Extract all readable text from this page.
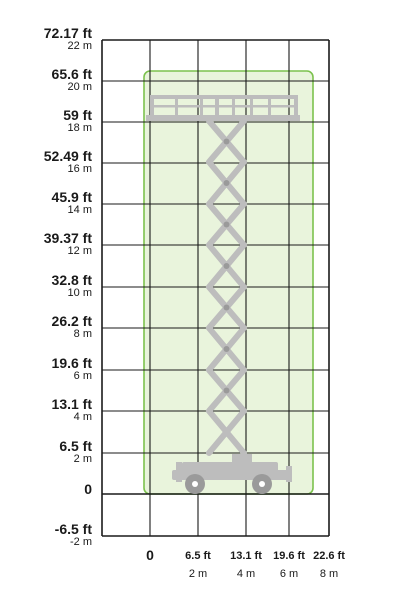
72.17 ft
22 m
65.6 ft
20 m
59 ft
18 m
52.49 ft
16 m
45.9 ft
14 m
39.37 ft
12 m
32.8 ft
10 m
26.2 ft
8 m
19.6 ft
6 m
13.1 ft
4 m
6.5 ft
2 m
0
-6.5 ft
-2 m
0	6.5 ft
2 m
13.1 ft
4 m
19.6 ft
6 m
22.6 ft
8 m
